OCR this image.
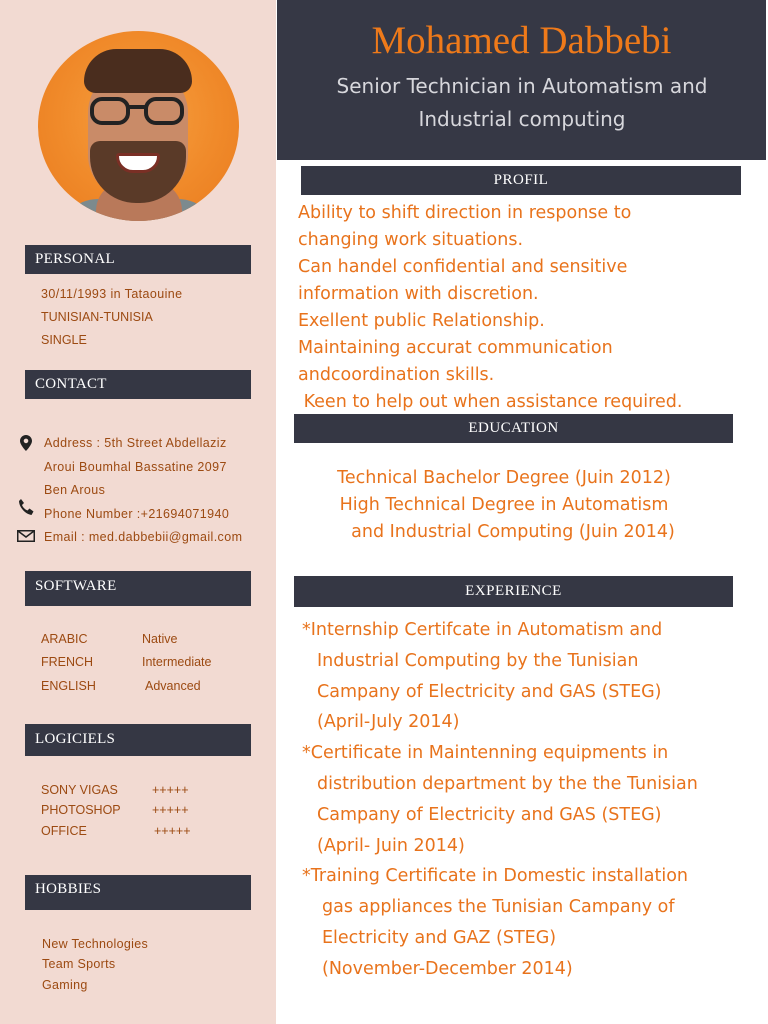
PERSONAL
30/11/1993 in Tataouine
TUNISIAN-TUNISIA
SINGLE
CONTACT
Address : 5th Street Abdellaziz
Aroui Boumhal Bassatine 2097
Ben Arous
Phone Number :+21694071940
Email : med.dabbebii@gmail.com
SOFTWARE
ARABIC	Native
FRENCH	Intermediate
ENGLISH	Advanced
LOGICIELS
SONY VIGAS	+++++
PHOTOSHOP	+++++
OFFICE	+++++
HOBBIES
New Technologies
Team Sports
Gaming
Mohamed Dabbebi
Senior Technician in Automatism and
Industrial computing
PROFIL
Ability to shift direction in response to
changing work situations.
Can handel confidential and sensitive
information with discretion.
Exellent public Relationship.
Maintaining accurat communication
andcoordination skills.
Keen to help out when assistance required.
EDUCATION
Technical Bachelor Degree (Juin 2012)
High Technical Degree in Automatism
and Industrial Computing (Juin 2014)
EXPERIENCE
*Internship Certifcate in Automatism and
Industrial Computing by the Tunisian
Campany of Electricity and GAS (STEG)
(April-July 2014)
*Certificate in Maintenning equipments in
distribution department by the the Tunisian
Campany of Electricity and GAS (STEG)
(April- Juin 2014)
*Training Certificate in Domestic installation
gas appliances the Tunisian Campany of
Electricity and GAZ (STEG)
(November-December 2014)
